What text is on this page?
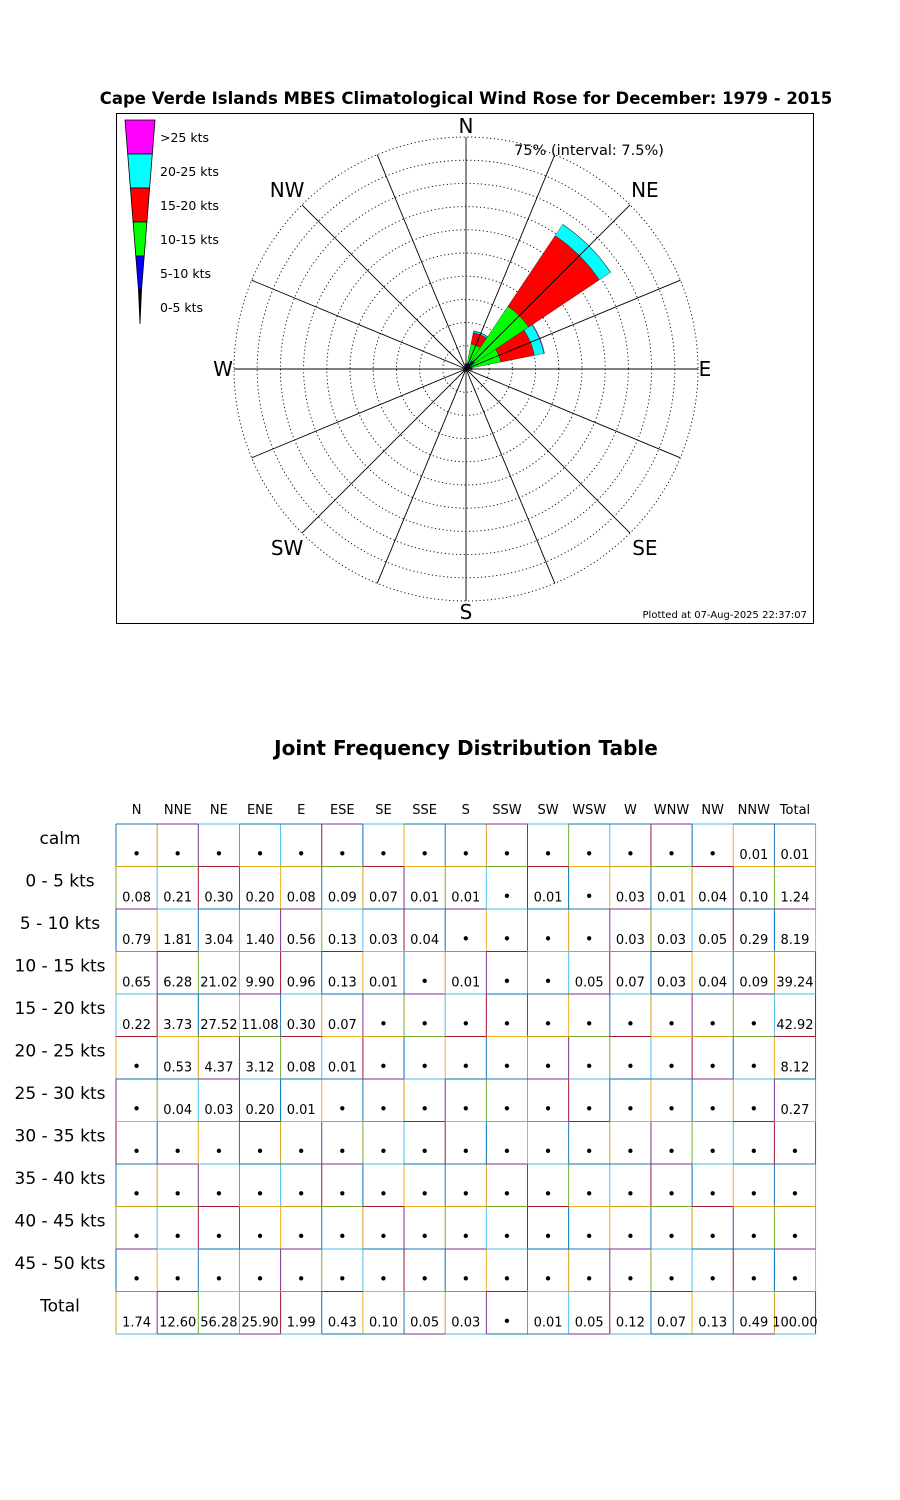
Cape Verde Islands MBES Climatological Wind Rose for December: 1979 - 2015
N
NE
E
SE
S
SW
W
NW
75% (interval: 7.5%)
>25 kts
20-25 kts
15-20 kts
10-15 kts
5-10 kts
0-5 kts
Plotted at 07-Aug-2025 22:37:07
Joint Frequency Distribution Table
N NNE NE ENE E ESE SE SSE S SSW SW WSW W WNW NW NNW Total
calm
• • • • • • • • • • • • • • • 0.01 0.01
0 - 5 kts
0.08 0.21 0.30 0.20 0.08 0.09 0.07 0.01 0.01 • 0.01 • 0.03 0.01 0.04 0.10 1.24
5 - 10 kts
0.79 1.81 3.04 1.40 0.56 0.13 0.03 0.04 • • • • 0.03 0.03 0.05 0.29 8.19
10 - 15 kts
0.65 6.28 21.02 9.90 0.96 0.13 0.01 • 0.01 • • 0.05 0.07 0.03 0.04 0.09 39.24
15 - 20 kts
0.22 3.73 27.52 11.08 0.30 0.07 • • • • • • • • • • 42.92
20 - 25 kts
• 0.53 4.37 3.12 0.08 0.01 • • • • • • • • • • 8.12
25 - 30 kts
• 0.04 0.03 0.20 0.01 • • • • • • • • • • • 0.27
30 - 35 kts
• • • • • • • • • • • • • • • • •
35 - 40 kts
• • • • • • • • • • • • • • • • •
40 - 45 kts
• • • • • • • • • • • • • • • • •
45 - 50 kts
• • • • • • • • • • • • • • • • •
Total
1.74 12.60 56.28 25.90 1.99 0.43 0.10 0.05 0.03 • 0.01 0.05 0.12 0.07 0.13 0.49 100.00
